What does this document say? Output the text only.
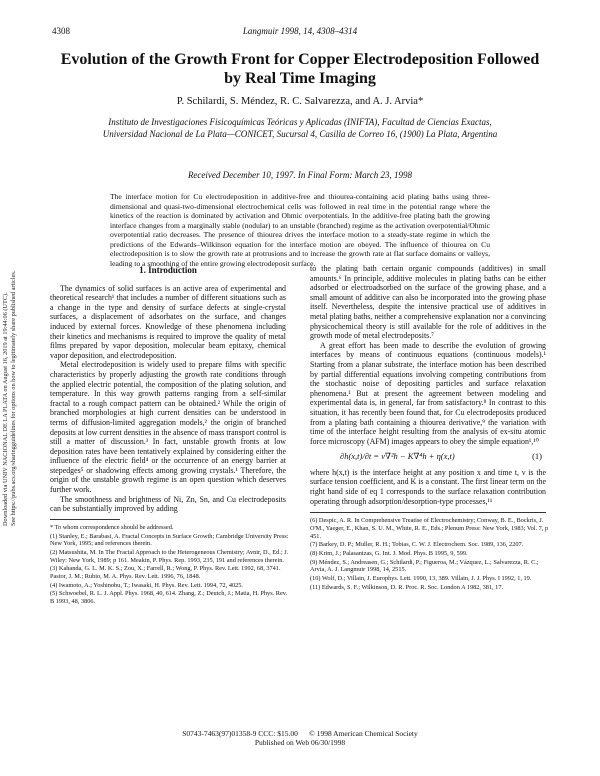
4308	Langmuir 1998, 14, 4308–4314
Evolution of the Growth Front for Copper Electrodeposition Followed by Real Time Imaging
P. Schilardi, S. Méndez, R. C. Salvarezza, and A. J. Arvia*
Instituto de Investigaciones Fisicoquímicas Teóricas y Aplicadas (INIFTA), Facultad de Ciencias Exactas, Universidad Nacional de La Plata—CONICET, Sucursal 4, Casilla de Correo 16, (1900) La Plata, Argentina
Received December 10, 1997. In Final Form: March 23, 1998
The interface motion for Cu electrodeposition in additive-free and thiourea-containing acid plating baths using three-dimensional and quasi-two-dimensional electrochemical cells was followed in real time in the potential range where the kinetics of the reaction is dominated by activation and Ohmic overpotentials. In the additive-free plating bath the growing interface changes from a marginally stable (nodular) to an unstable (branched) regime as the activation overpotential/Ohmic overpotential ratio decreases. The presence of thiourea drives the interface motion to a steady-state regime in which the predictions of the Edwards–Wilkinson equation for the interface motion are obeyed. The influence of thiourea on Cu electrodeposition is to slow the growth rate at protrusions and to increase the growth rate at flat surface domains or valleys, leading to a smoothing of the entire growing electrodeposit surface.
Downloaded via UNIV NACIONAL DE LA PLATA on August 16, 2019 at 19:44:06 (UTC). See https://pubs.acs.org/sharingguidelines for options on how to legitimately share published articles.

1. Introduction

The dynamics of solid surfaces is an active area of experimental and theoretical research¹ that includes a number of different situations such as a change in the type and density of surface defects at single-crystal surfaces, a displacement of adsorbates on the surface, and changes induced by external forces. Knowledge of these phenomena including their kinetics and mechanisms is required to improve the quality of metal films prepared by vapor deposition, molecular beam epitaxy, chemical vapor deposition, and electrodeposition.

Metal electrodeposition is widely used to prepare films with specific characteristics by properly adjusting the growth rate conditions through the applied electric potential, the composition of the plating solution, and temperature. In this way growth patterns ranging from a self-similar fractal to a rough compact pattern can be obtained.² While the origin of branched morphologies at high current densities can be understood in terms of diffusion-limited aggregation models,² the origin of branched deposits at low current densities in the absence of mass transport control is still a matter of discussion.³ In fact, unstable growth fronts at low deposition rates have been tentatively explained by considering either the influence of the electric field⁴ or the occurrence of an energy barrier at stepedges⁵ or shadowing effects among growing crystals.¹ Therefore, the origin of the unstable growth regime is an open question which deserves further work.

The smoothness and brightness of Ni, Zn, Sn, and Cu electrodeposits can be substantially improved by adding

* To whom correspondence should be addressed.
(1) Stanley, E.; Barabasi, A. Fractal Concepts in Surface Growth; Cambridge University Press: New York, 1995; and references therein.
(2) Matsushita, M. In The Fractal Approach to the Heterogeneous Chemistry; Avnir, D., Ed.; J. Wiley: New York, 1989; p 161. Meakin, P. Phys. Rep. 1993, 235, 191 and references therein.
(3) Kahanda, G. L. M. K. S.; Zou, X.; Farrell, R.; Wong, P. Phys. Rev. Lett. 1992, 68, 3741. Pastor, J. M.; Rubio, M. A. Phys. Rev. Lett. 1996, 76, 1848.
(4) Iwamoto, A.; Yoshinobu, T.; Iwasaki, H. Phys. Rev. Lett. 1994, 72, 4025.
(5) Schwoebel, R. L. J. Appl. Phys. 1968, 40, 614. Zhang, Z.; Deutch, J.; Matia, H. Phys. Rev. B 1993, 48, 3806.

to the plating bath certain organic compounds (additives) in small amounts.⁶ In principle, additive molecules in plating baths can be either adsorbed or electroadsorbed on the surface of the growing phase, and a small amount of additive can also be incorporated into the growing phase itself. Nevertheless, despite the intensive practical use of additives in metal plating baths, neither a comprehensive explanation nor a convincing physicochemical theory is still available for the role of additives in the growth mode of metal electrodeposits.⁷

A great effort has been made to describe the evolution of growing interfaces by means of continuous equations (continuous models).¹ Starting from a planar substrate, the interface motion has been described by partial differential equations involving competing contributions from the stochastic noise of depositing particles and surface relaxation phenomena.¹ But at present the agreement between modeling and experimental data is, in general, far from satisfactory.⁸ In contrast to this situation, it has recently been found that, for Cu electrodeposits produced from a plating bath containing a thiourea derivative,⁹ the variation with time of the interface height resulting from the analysis of ex-situ atomic force microscopy (AFM) images appears to obey the simple equation¹,¹⁰

∂h(x,t)/∂t = ν∇²h − K∇⁴h + η(x,t)	(1)

where h(x,t) is the interface height at any position x and time t, ν is the surface tension coefficient, and K is a constant. The first linear term on the right hand side of eq 1 corresponds to the surface relaxation contribution operating through adsorption/desorption-type processes,¹¹

(6) Despic, A. R. In Comprehensive Treatise of Electrochemistry; Conway, B. E., Bockris, J. O'M., Yaeger, E., Khan, S. U. M., White, R. E., Eds.; Plenum Press: New York, 1983; Vol. 7, p 451.
(7) Barkey, D. P.; Muller, R. H.; Tobias, C. W. J. Electrochem. Soc. 1989, 136, 2207.
(8) Krim, J.; Palasantzas, G. Int. J. Mod. Phys. B 1995, 9, 599.
(9) Méndez, S.; Andreasen, G.; Schilardi, P.; Figueroa, M.; Vázquez, L.; Salvarezza, R. C.; Arvia, A. J. Langmuir 1998, 14, 2515.
(10) Wolf, D.; Villain, J. Europhys. Lett. 1990, 13, 389. Villain, J. J. Phys. I 1992, 1, 19.
(11) Edwards, S. F.; Wilkinson, D. R. Proc. R. Soc. London A 1982, 381, 17.
S0743-7463(97)01358-9 CCC: $15.00 © 1998 American Chemical Society
Published on Web 06/30/1998
